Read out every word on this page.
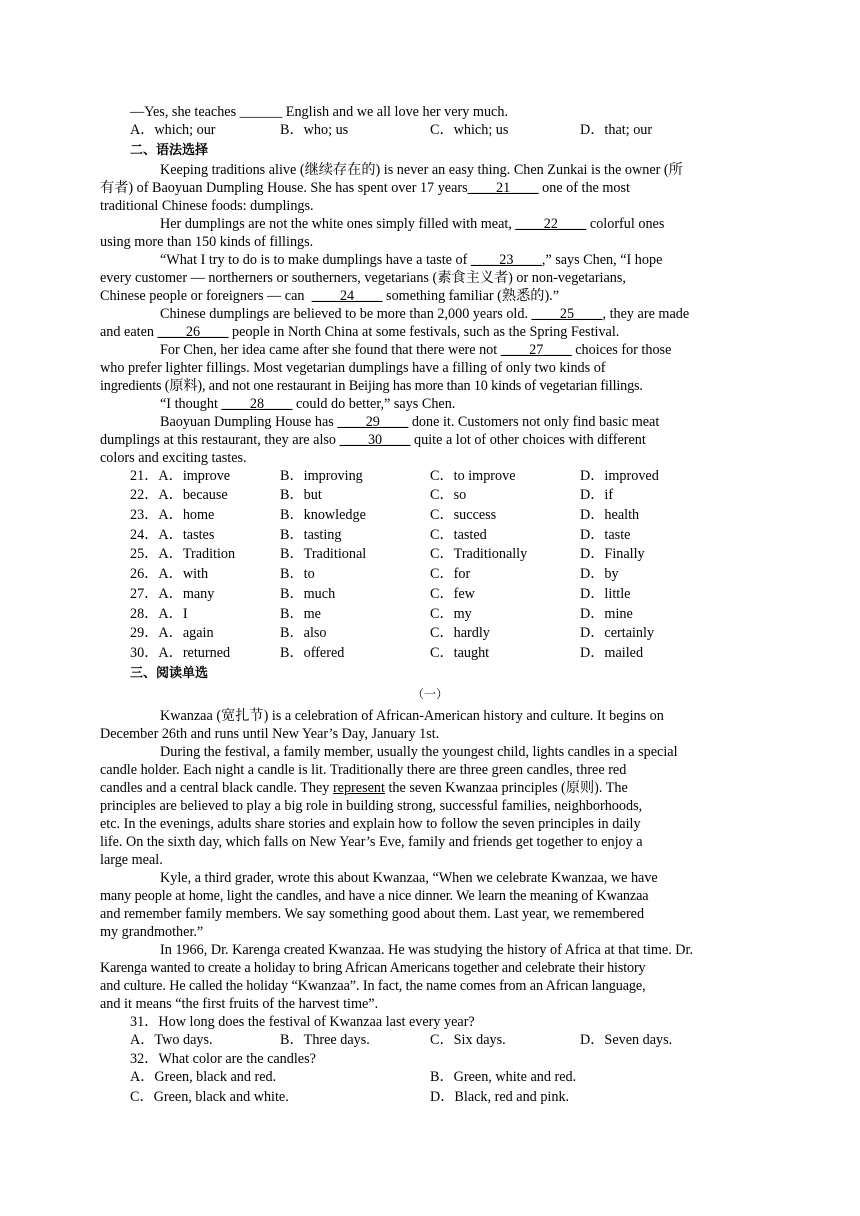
—Yes, she teaches ______ English and we all love her very much.
A．which; our	B．who; us	C．which; us	D．that; our
二、语法选择

Keeping traditions alive (继续存在的) is never an easy thing. Chen Zunkai is the owner (所
有者) of Baoyuan Dumpling House. She has spent over 17 years____21____ one of the most
traditional Chinese foods: dumplings.

Her dumplings are not the white ones simply filled with meat, ____22____ colorful ones
using more than 150 kinds of fillings.

“What I try to do is to make dumplings have a taste of ____23____,” says Chen, “I hope
every customer — northerners or southerners, vegetarians (素食主义者) or non-vegetarians,
Chinese people or foreigners — can  ____24____ something familiar (熟悉的).”

Chinese dumplings are believed to be more than 2,000 years old. ____25____, they are made
and eaten ____26____ people in North China at some festivals, such as the Spring Festival.

For Chen, her idea came after she found that there were not ____27____ choices for those
who prefer lighter fillings. Most vegetarian dumplings have a filling of only two kinds of
ingredients (原料), and not one restaurant in Beijing has more than 10 kinds of vegetarian fillings.

“I thought ____28____ could do better,” says Chen.

Baoyuan Dumpling House has ____29____ done it. Customers not only find basic meat
dumplings at this restaurant, they are also ____30____ quite a lot of other choices with different
colors and exciting tastes.

21．A．improve	B．improving	C．to improve	D．improved
22．A．because	B．but	C．so	D．if
23．A．home	B．knowledge	C．success	D．health
24．A．tastes	B．tasting	C．tasted	D．taste
25．A．Tradition	B．Traditional	C．Traditionally	D．Finally
26．A．with	B．to	C．for	D．by
27．A．many	B．much	C．few	D．little
28．A．I	B．me	C．my	D．mine
29．A．again	B．also	C．hardly	D．certainly
30．A．returned	B．offered	C．taught	D．mailed
三、阅读单选
（一）

Kwanzaa (宽扎节) is a celebration of African-American history and culture. It begins on
December 26th and runs until New Year’s Day, January 1st.

During the festival, a family member, usually the youngest child, lights candles in a special
candle holder. Each night a candle is lit. Traditionally there are three green candles, three red
candles and a central black candle. They represent the seven Kwanzaa principles (原则). The
principles are believed to play a big role in building strong, successful families, neighborhoods,
etc. In the evenings, adults share stories and explain how to follow the seven principles in daily
life. On the sixth day, which falls on New Year’s Eve, family and friends get together to enjoy a
large meal.

Kyle, a third grader, wrote this about Kwanzaa, “When we celebrate Kwanzaa, we have
many people at home, light the candles, and have a nice dinner. We learn the meaning of Kwanzaa
and remember family members. We say something good about them. Last year, we remembered
my grandmother.”

In 1966, Dr. Karenga created Kwanzaa. He was studying the history of Africa at that time. Dr.
Karenga wanted to create a holiday to bring African Americans together and celebrate their history
and culture. He called the holiday “Kwanzaa”. In fact, the name comes from an African language,
and it means “the first fruits of the harvest time”.

31．How long does the festival of Kwanzaa last every year?
A．Two days.	B．Three days.	C．Six days.	D．Seven days.
32．What color are the candles?
A．Green, black and red.	B．Green, white and red.
C．Green, black and white.	D．Black, red and pink.
